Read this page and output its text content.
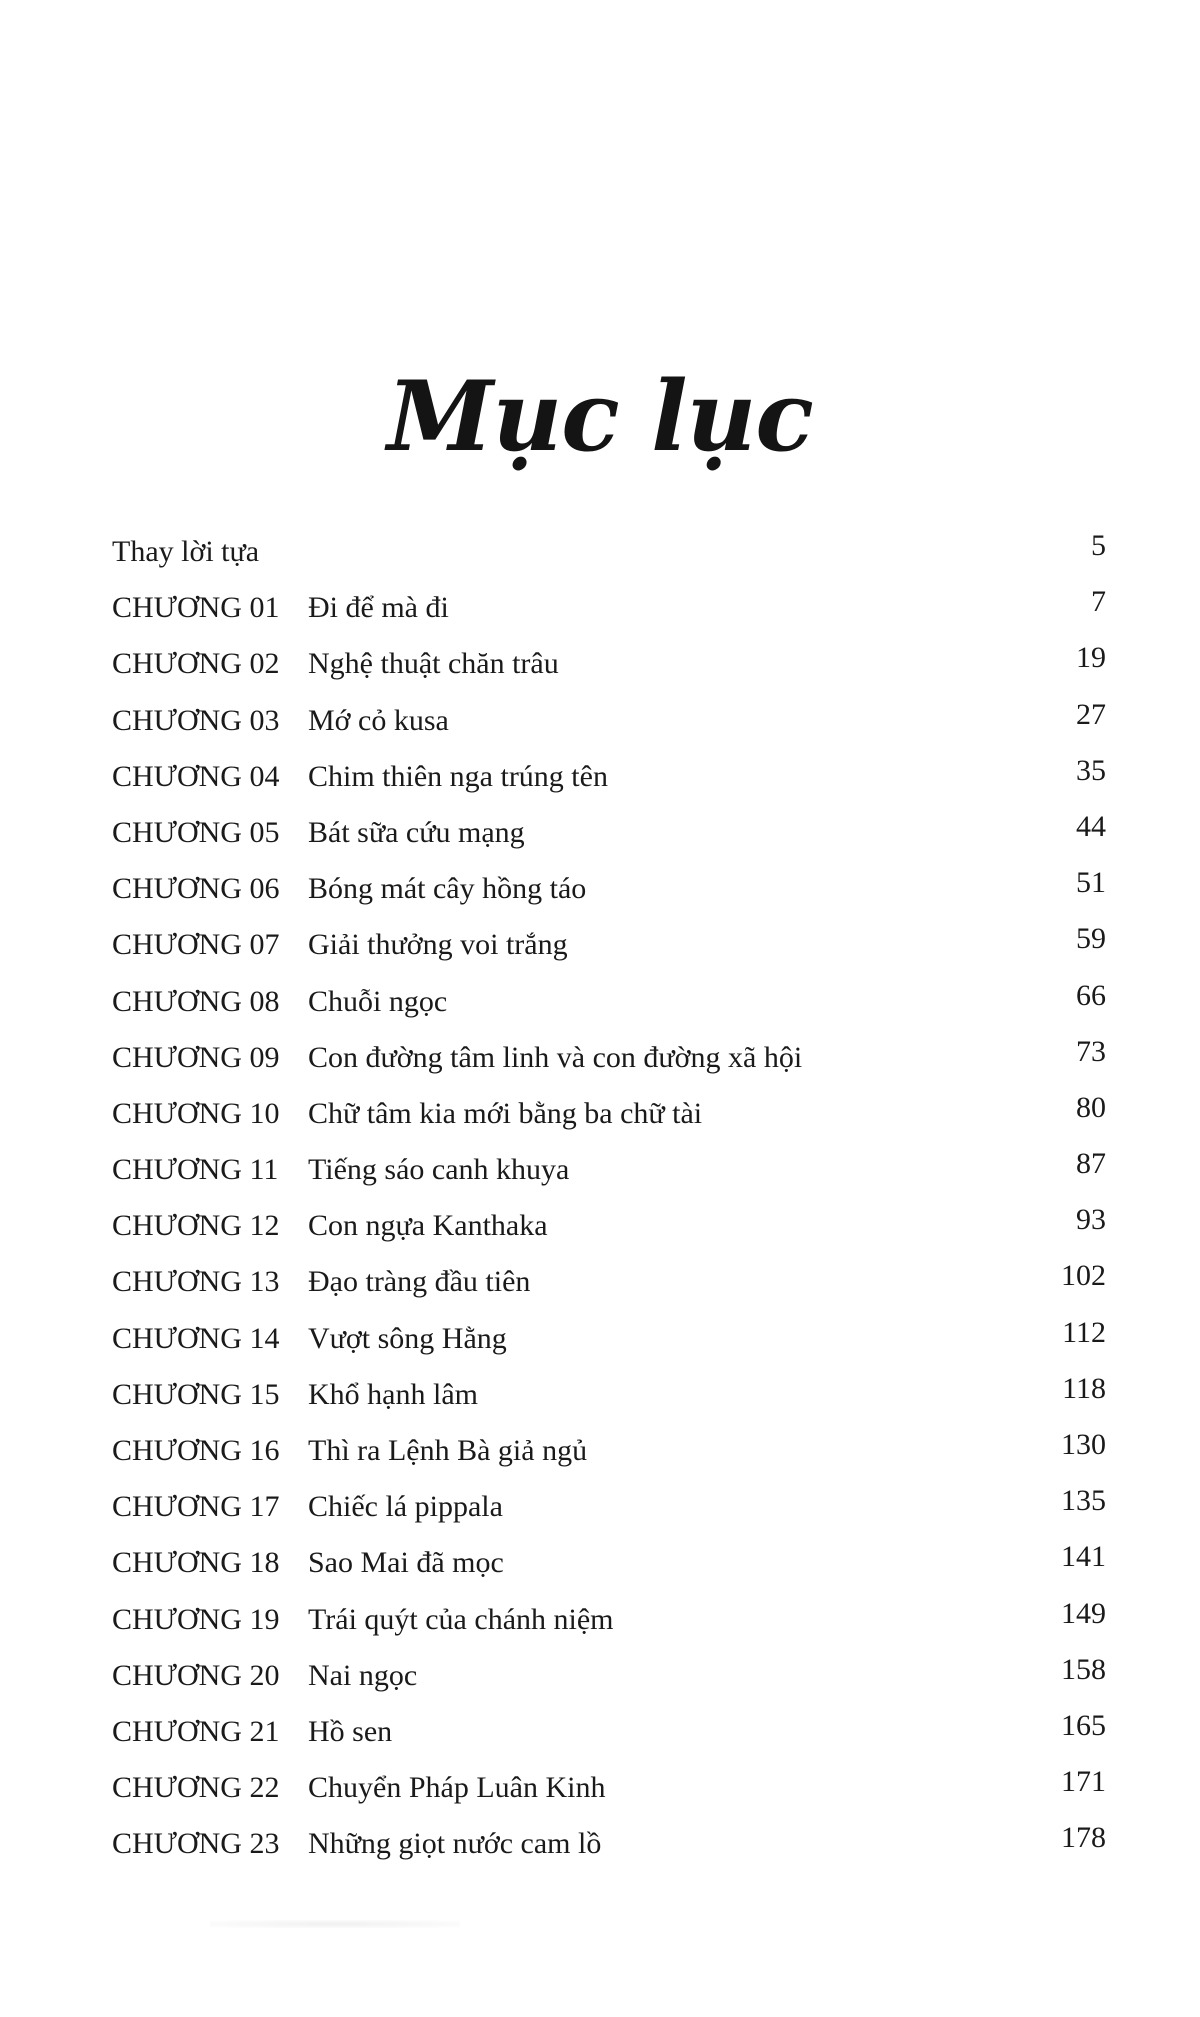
Mục lục
Thay lời tựa	5
CHƯƠNG 01 Đi để mà đi	7
CHƯƠNG 02 Nghệ thuật chăn trâu	19
CHƯƠNG 03 Mớ cỏ kusa	27
CHƯƠNG 04 Chim thiên nga trúng tên	35
CHƯƠNG 05 Bát sữa cứu mạng	44
CHƯƠNG 06 Bóng mát cây hồng táo	51
CHƯƠNG 07 Giải thưởng voi trắng	59
CHƯƠNG 08 Chuỗi ngọc	66
CHƯƠNG 09 Con đường tâm linh và con đường xã hội	73
CHƯƠNG 10 Chữ tâm kia mới bằng ba chữ tài	80
CHƯƠNG 11 Tiếng sáo canh khuya	87
CHƯƠNG 12 Con ngựa Kanthaka	93
CHƯƠNG 13 Đạo tràng đầu tiên	102
CHƯƠNG 14 Vượt sông Hằng	112
CHƯƠNG 15 Khổ hạnh lâm	118
CHƯƠNG 16 Thì ra Lệnh Bà giả ngủ	130
CHƯƠNG 17 Chiếc lá pippala	135
CHƯƠNG 18 Sao Mai đã mọc	141
CHƯƠNG 19 Trái quýt của chánh niệm	149
CHƯƠNG 20 Nai ngọc	158
CHƯƠNG 21 Hồ sen	165
CHƯƠNG 22 Chuyển Pháp Luân Kinh	171
CHƯƠNG 23 Những giọt nước cam lồ	178
